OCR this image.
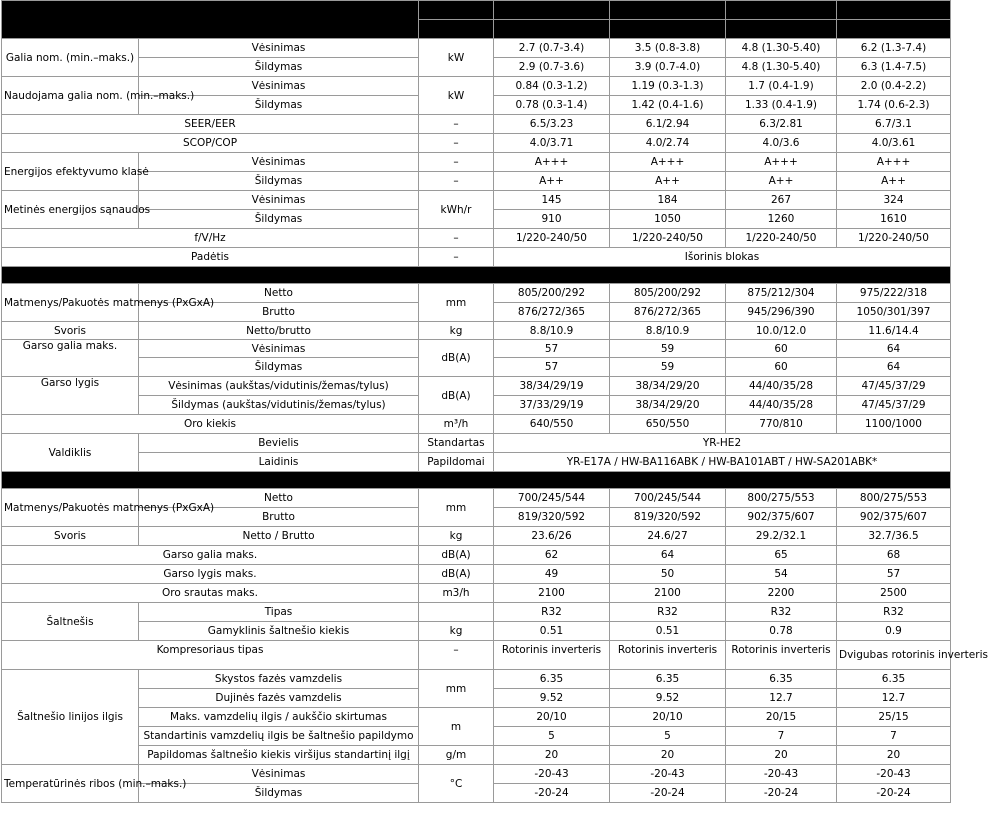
MODEL		Vidinis	AS25RBAHRA-PL	AS35RBAHRA-PL	AS50RCBHRA-PL	AS68RDAHRA-PL
		Išorinis	1U25YESFRA-3	1U35YESFRA-4	1U50MERFRA-4	1U68MRAFRA-4
Galia nom. (min.–maks.)	Vėsinimas	kW	2.7 (0.7-3.4)	3.5 (0.8-3.8)	4.8 (1.30-5.40)	6.2 (1.3-7.4)
	Šildymas		2.9 (0.7-3.6)	3.9 (0.7-4.0)	4.8 (1.30-5.40)	6.3 (1.4-7.5)
Naudojama galia nom. (min.–maks.)	Vėsinimas	kW	0.84 (0.3-1.2)	1.19 (0.3-1.3)	1.7 (0.4-1.9)	2.0 (0.4-2.2)
	Šildymas		0.78 (0.3-1.4)	1.42 (0.4-1.6)	1.33 (0.4-1.9)	1.74 (0.6-2.3)
SEER/EER		–	6.5/3.23	6.1/2.94	6.3/2.81	6.7/3.1
SCOP/COP		–	4.0/3.71	4.0/2.74	4.0/3.6	4.0/3.61
Energijos efektyvumo klasė	Vėsinimas	–	A+++	A+++	A+++	A+++
	Šildymas	–	A++	A++	A++	A++
Metinės energijos sąnaudos	Vėsinimas	kWh/r	145	184	267	324
	Šildymas		910	1050	1260	1610
f/V/Hz		–	1/220-240/50	1/220-240/50	1/220-240/50	1/220-240/50
Padėtis		–	Išorinis blokas			
VIDAUS BLOKAS						
Matmenys/Pakuotės matmenys (PxGxA)	Netto	mm	805/200/292	805/200/292	875/212/304	975/222/318
	Brutto		876/272/365	876/272/365	945/296/390	1050/301/397
Svoris	Netto/brutto	kg	8.8/10.9	8.8/10.9	10.0/12.0	11.6/14.4
Garso galia maks.	Vėsinimas	dB(A)	57	59	60	64
	Šildymas		57	59	60	64
Garso lygis	Vėsinimas (aukštas/vidutinis/žemas/tylus)	dB(A)	38/34/29/19	38/34/29/20	44/40/35/28	47/45/37/29
	Šildymas (aukštas/vidutinis/žemas/tylus)		37/33/29/19	38/34/29/20	44/40/35/28	47/45/37/29
Oro kiekis		m³/h	640/550	650/550	770/810	1100/1000
Valdiklis	Bevielis	Standartas	YR-HE2			
	Laidinis	Papildomai	YR-E17A / HW-BA116ABK / HW-BA101ABT / HW-SA201ABK*			
IŠORINIS BLOKAS						
Matmenys/Pakuotės matmenys (PxGxA)	Netto	mm	700/245/544	700/245/544	800/275/553	800/275/553
	Brutto		819/320/592	819/320/592	902/375/607	902/375/607
Svoris	Netto / Brutto	kg	23.6/26	24.6/27	29.2/32.1	32.7/36.5
Garso galia maks.		dB(A)	62	64	65	68
Garso lygis maks.		dB(A)	49	50	54	57
Oro srautas maks.		m3/h	2100	2100	2200	2500
Šaltnešis	Tipas		R32	R32	R32	R32
	Gamyklinis šaltnešio kiekis	kg	0.51	0.51	0.78	0.9
Kompresoriaus tipas		–	Rotorinis inverteris	Rotorinis inverteris	Rotorinis inverteris	Dvigubas rotorinis inverteris
Šaltnešio linijos ilgis	Skystos fazės vamzdelis	mm	6.35	6.35	6.35	6.35
	Dujinės fazės vamzdelis		9.52	9.52	12.7	12.7
	Maks. vamzdelių ilgis / aukščio skirtumas	m	20/10	20/10	20/15	25/15
	Standartinis vamzdelių ilgis be šaltnešio papildymo		5	5	7	7
	Papildomas šaltnešio kiekis viršijus standartinį ilgį	g/m	20	20	20	20
Temperatūrinės ribos (min.–maks.)	Vėsinimas	°C	-20-43	-20-43	-20-43	-20-43
	Šildymas		-20-24	-20-24	-20-24	-20-24
